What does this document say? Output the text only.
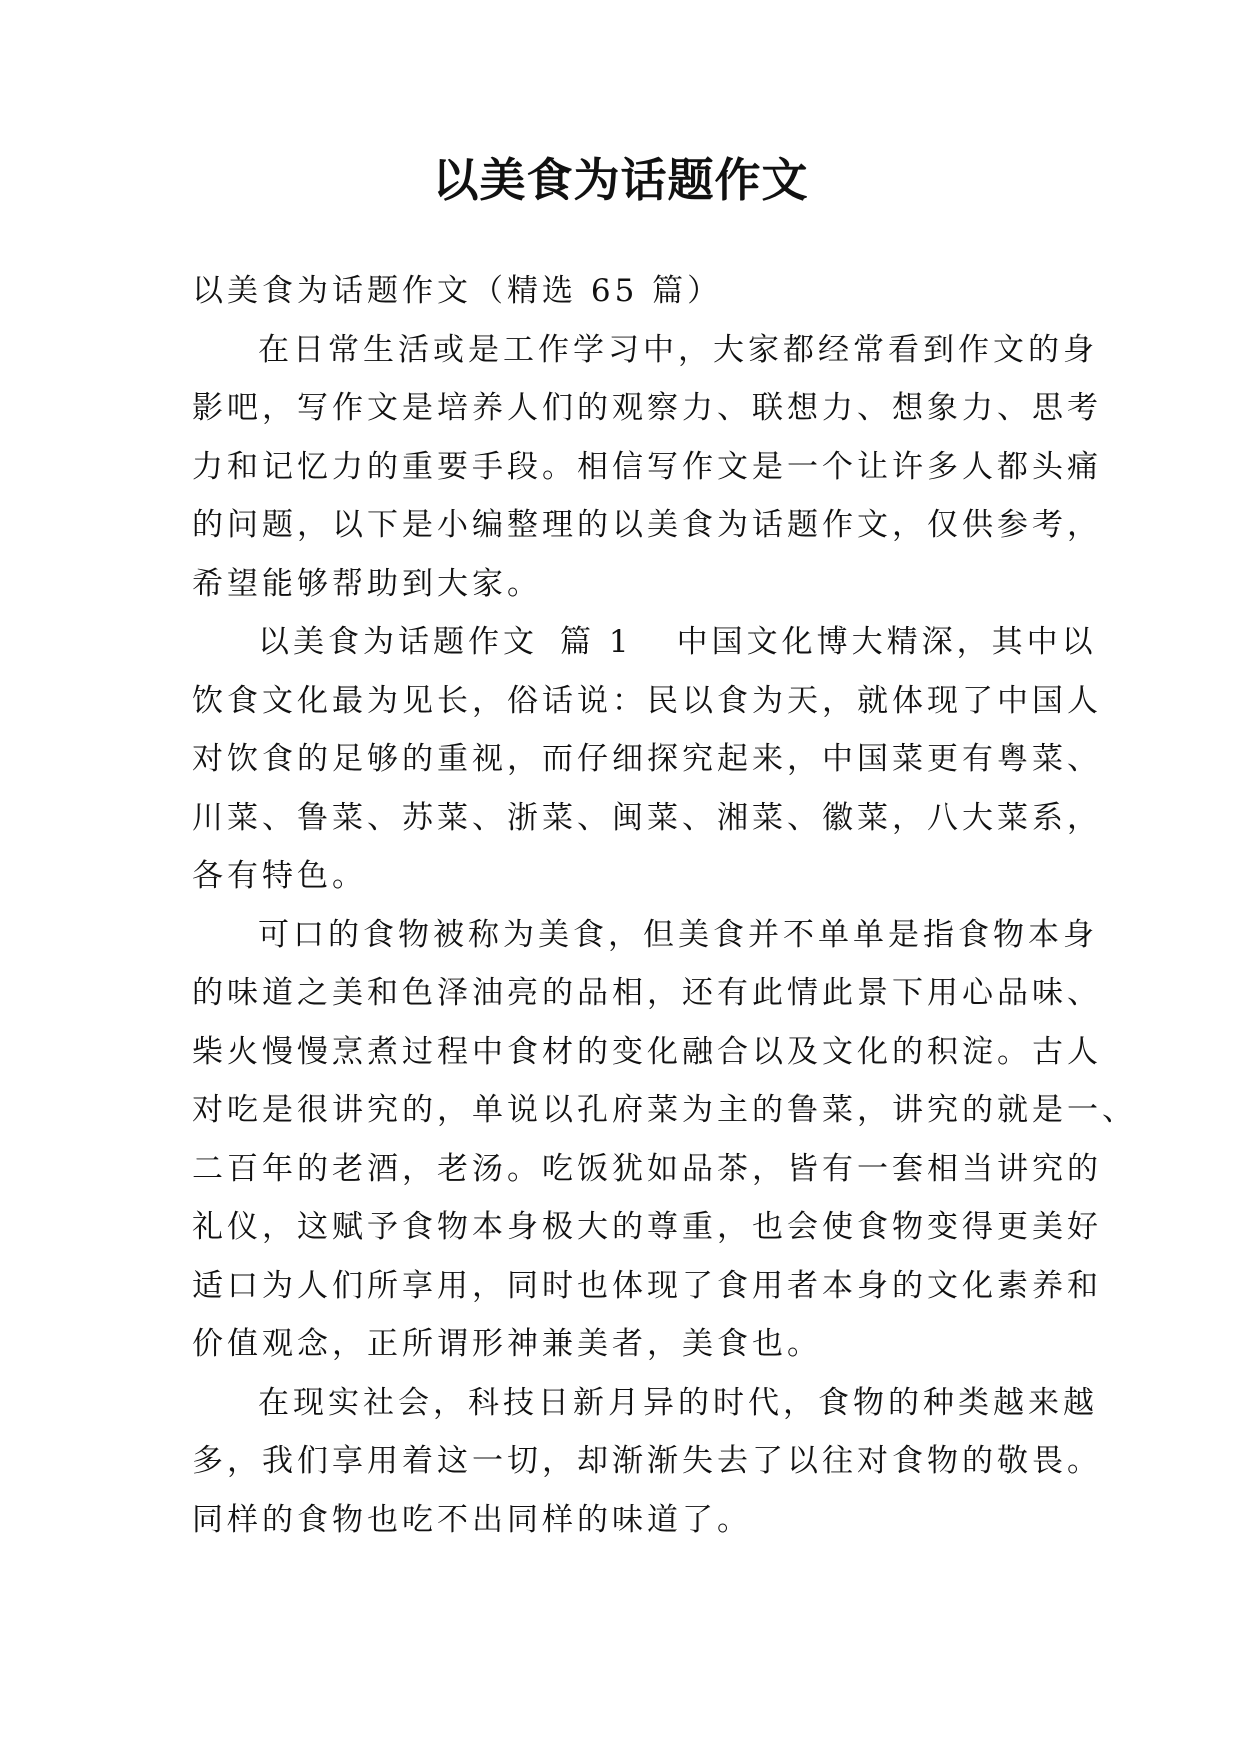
以美食为话题作文
以美食为话题作文（精选 65 篇）
在日常生活或是工作学习中，大家都经常看到作文的身
影吧，写作文是培养人们的观察力、联想力、想象力、思考
力和记忆力的重要手段。相信写作文是一个让许多人都头痛
的问题，以下是小编整理的以美食为话题作文，仅供参考，
希望能够帮助到大家。
以美食为话题作文 篇 1 中国文化博大精深，其中以
饮食文化最为见长，俗话说：民以食为天，就体现了中国人
对饮食的足够的重视，而仔细探究起来，中国菜更有粤菜、
川菜、鲁菜、苏菜、浙菜、闽菜、湘菜、徽菜，八大菜系，
各有特色。
可口的食物被称为美食，但美食并不单单是指食物本身
的味道之美和色泽油亮的品相，还有此情此景下用心品味、
柴火慢慢烹煮过程中食材的变化融合以及文化的积淀。古人
对吃是很讲究的，单说以孔府菜为主的鲁菜，讲究的就是一、
二百年的老酒，老汤。吃饭犹如品茶，皆有一套相当讲究的
礼仪，这赋予食物本身极大的尊重，也会使食物变得更美好
适口为人们所享用，同时也体现了食用者本身的文化素养和
价值观念，正所谓形神兼美者，美食也。
在现实社会，科技日新月异的时代，食物的种类越来越
多，我们享用着这一切，却渐渐失去了以往对食物的敬畏。
同样的食物也吃不出同样的味道了。
